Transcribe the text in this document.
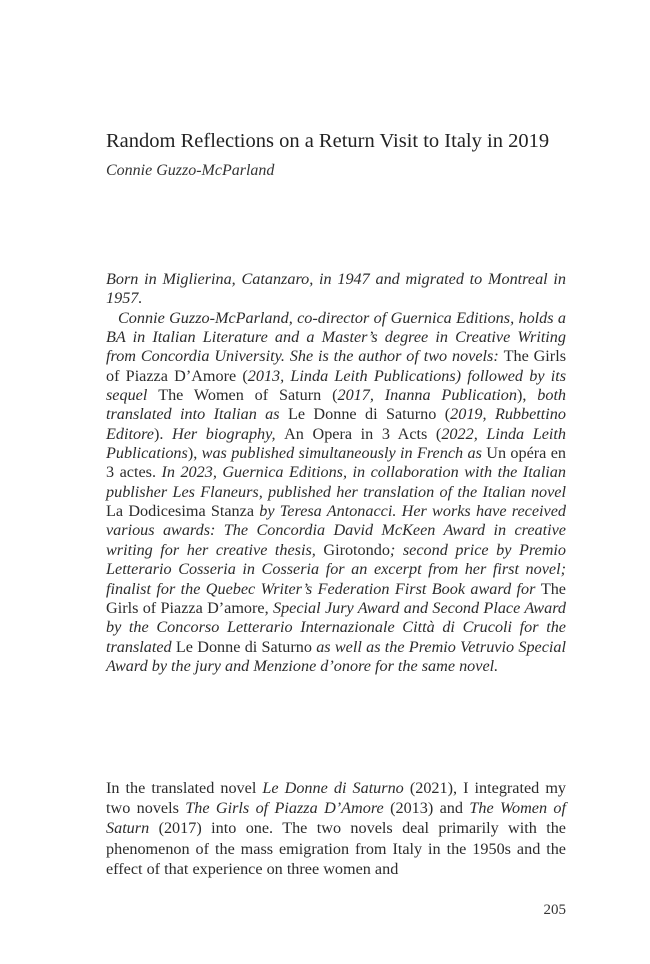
Random Reflections on a Return Visit to Italy in 2019
Connie Guzzo-McParland

Born in Miglierina, Catanzaro, in 1947 and migrated to Montreal in 1957.

Connie Guzzo-McParland, co-director of Guernica Editions, holds a BA in Italian Literature and a Master’s degree in Creative Writing from Concordia University. She is the author of two novels: The Girls of Piazza D’Amore (2013, Linda Leith Publications) followed by its sequel The Women of Saturn (2017, Inanna Publication), both translated into Italian as Le Donne di Saturno (2019, Rubbettino Editore). Her biography, An Opera in 3 Acts (2022, Linda Leith Publications), was published simultaneously in French as Un opéra en 3 actes. In 2023, Guernica Editions, in collaboration with the Italian publisher Les Flaneurs, published her translation of the Italian novel La Dodicesima Stanza by Teresa Antonacci. Her works have received various awards: The Concordia David McKeen Award in creative writing for her creative thesis, Girotondo; second price by Premio Letterario Cosseria in Cosseria for an excerpt from her first novel; finalist for the Quebec Writer’s Federation First Book award for The Girls of Piazza D’amore, Special Jury Award and Second Place Award by the Concorso Letterario Internazionale Città di Crucoli for the translated Le Donne di Saturno as well as the Premio Vetruvio Special Award by the jury and Menzione d’onore for the same novel.

In the translated novel Le Donne di Saturno (2021), I integrated my two novels The Girls of Piazza D’Amore (2013) and The Women of Saturn (2017) into one. The two novels deal primarily with the phenomenon of the mass emigration from Italy in the 1950s and the effect of that experience on three women and

205
